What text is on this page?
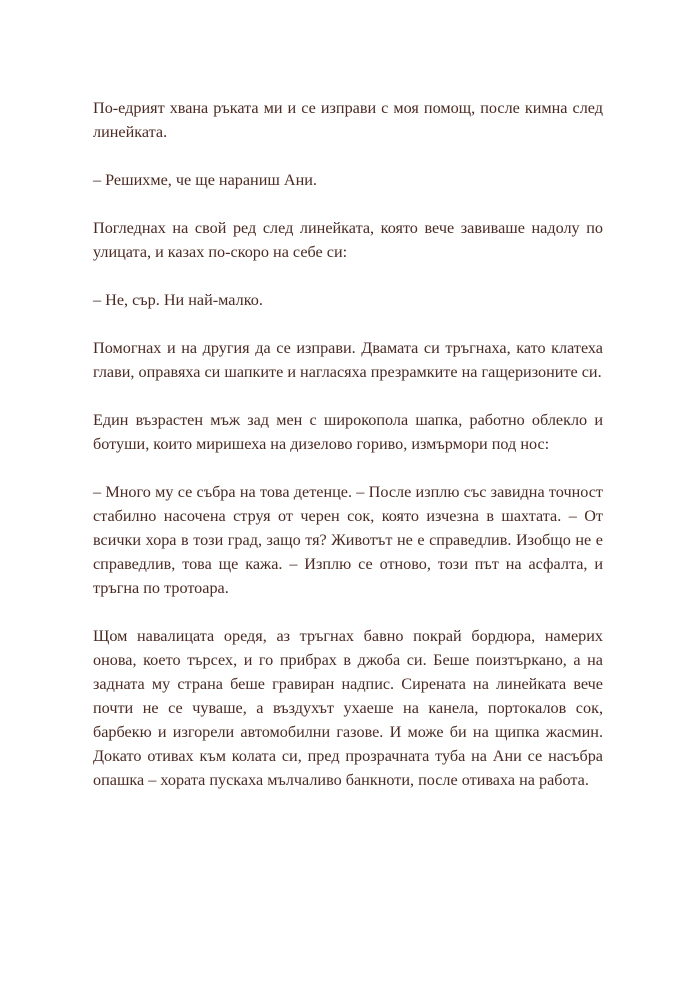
По-едрият хвана ръката ми и се изправи с моя помощ, после кимна след линейката.

– Решихме, че ще нараниш Ани.

Погледнах на свой ред след линейката, която вече завиваше надолу по улицата, и казах по-скоро на себе си:

– Не, сър. Ни най-малко.

Помогнах и на другия да се изправи. Двамата си тръгнаха, като клатеха глави, оправяха си шапките и нагласяха презрамките на гащеризоните си.

Един възрастен мъж зад мен с широкопола шапка, работно облекло и ботуши, които миришеха на дизелово гориво, измърмори под нос:

– Много му се събра на това детенце. – После изплю със завидна точност стабилно насочена струя от черен сок, която изчезна в шахтата. – От всички хора в този град, защо тя? Животът не е справедлив. Изобщо не е справедлив, това ще кажа. – Изплю се отново, този път на асфалта, и тръгна по тротоара.

Щом навалицата оредя, аз тръгнах бавно покрай бордюра, намерих онова, което търсех, и го прибрах в джоба си. Беше поизтъркано, а на задната му страна беше гравиран надпис. Сирената на линейката вече почти не се чуваше, а въздухът ухаеше на канела, портокалов сок, барбекю и изгорели автомобилни газове. И може би на щипка жасмин. Докато отивах към колата си, пред прозрачната туба на Ани се насъбра опашка – хората пускаха мълчаливо банкноти, после отиваха на работа.
